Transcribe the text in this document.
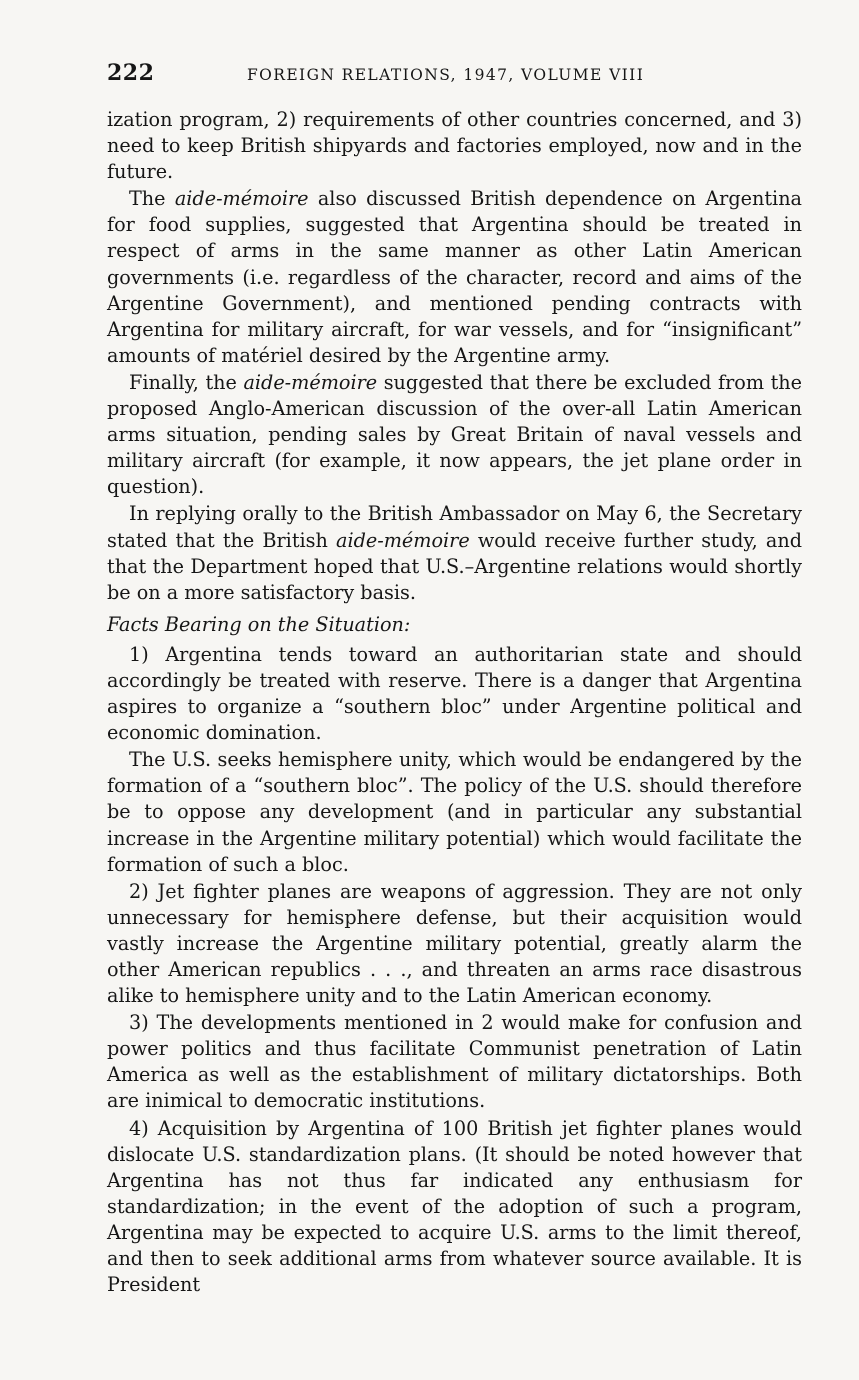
222	FOREIGN RELATIONS, 1947, VOLUME VIII

ization program, 2) requirements of other countries concerned, and 3) need to keep British shipyards and factories employed, now and in the future.

The aide-mémoire also discussed British dependence on Argentina for food supplies, suggested that Argentina should be treated in respect of arms in the same manner as other Latin American governments (i.e. regardless of the character, record and aims of the Argentine Government), and mentioned pending contracts with Argentina for military aircraft, for war vessels, and for “insignificant” amounts of matériel desired by the Argentine army.

Finally, the aide-mémoire suggested that there be excluded from the proposed Anglo-American discussion of the over-all Latin American arms situation, pending sales by Great Britain of naval vessels and military aircraft (for example, it now appears, the jet plane order in question).

In replying orally to the British Ambassador on May 6, the Secretary stated that the British aide-mémoire would receive further study, and that the Department hoped that U.S.–Argentine relations would shortly be on a more satisfactory basis.

Facts Bearing on the Situation:

1) Argentina tends toward an authoritarian state and should accordingly be treated with reserve. There is a danger that Argentina aspires to organize a “southern bloc” under Argentine political and economic domination.

The U.S. seeks hemisphere unity, which would be endangered by the formation of a “southern bloc”. The policy of the U.S. should therefore be to oppose any development (and in particular any substantial increase in the Argentine military potential) which would facilitate the formation of such a bloc.

2) Jet fighter planes are weapons of aggression. They are not only unnecessary for hemisphere defense, but their acquisition would vastly increase the Argentine military potential, greatly alarm the other American republics . . ., and threaten an arms race disastrous alike to hemisphere unity and to the Latin American economy.

3) The developments mentioned in 2 would make for confusion and power politics and thus facilitate Communist penetration of Latin America as well as the establishment of military dictatorships. Both are inimical to democratic institutions.

4) Acquisition by Argentina of 100 British jet fighter planes would dislocate U.S. standardization plans. (It should be noted however that Argentina has not thus far indicated any enthusiasm for standardization; in the event of the adoption of such a program, Argentina may be expected to acquire U.S. arms to the limit thereof, and then to seek additional arms from whatever source available. It is President
